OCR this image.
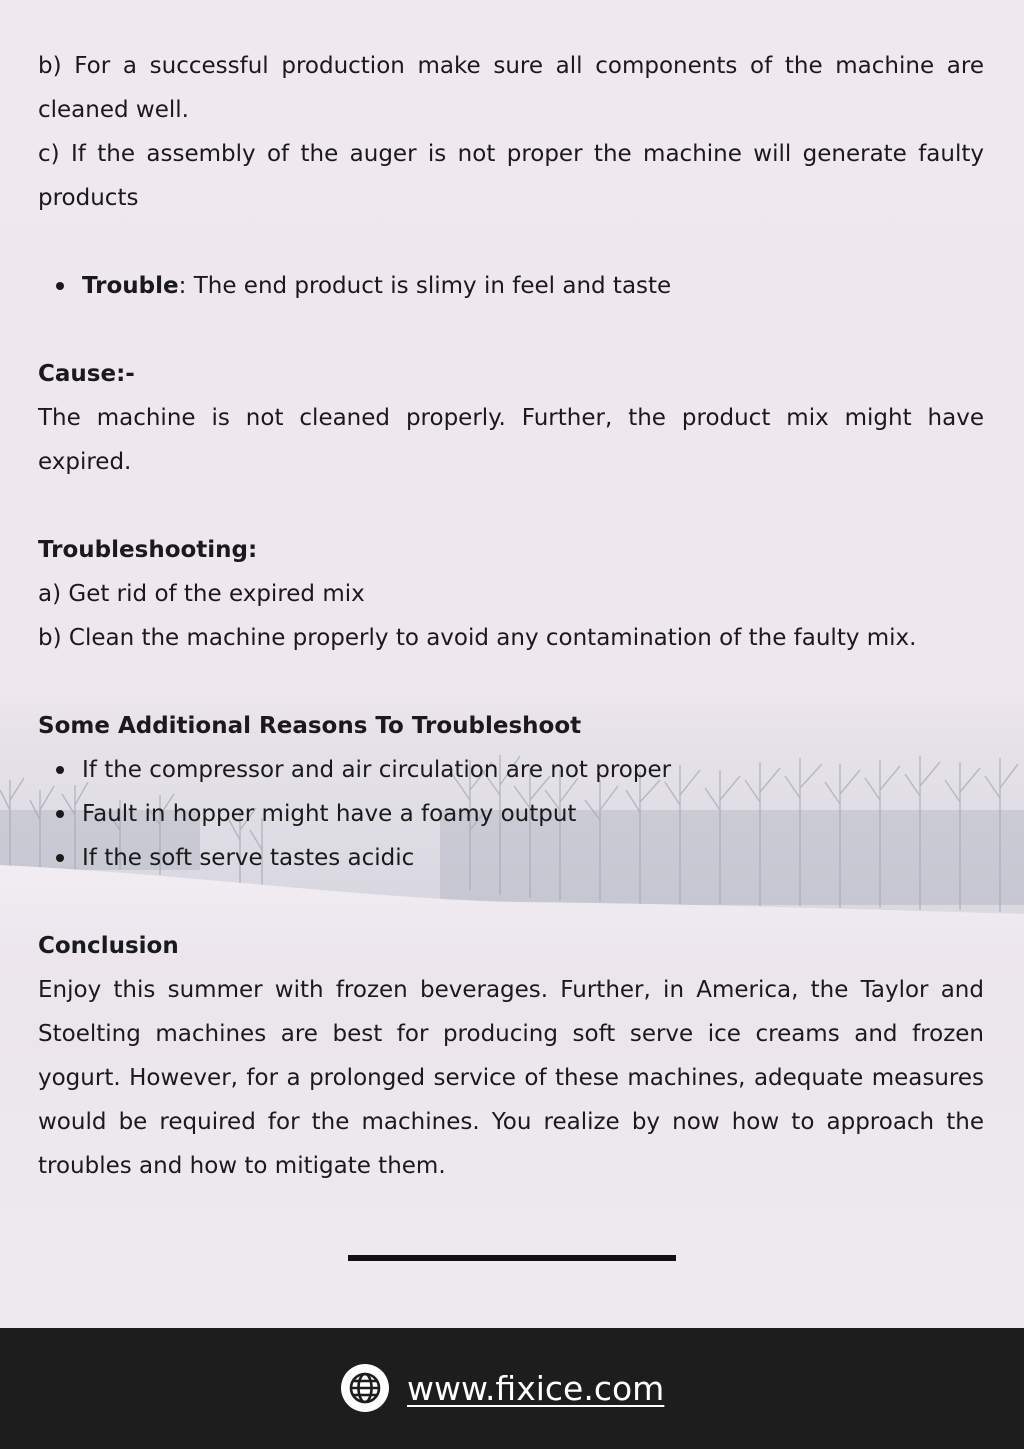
b) For a successful production make sure all components of the machine are cleaned well.

c) If the assembly of the auger is not proper the machine will generate faulty products

Trouble: The end product is slimy in feel and taste

Cause:-

The machine is not cleaned properly. Further, the product mix might have expired.

Troubleshooting:

a) Get rid of the expired mix

b) Clean the machine properly to avoid any contamination of the faulty mix.

Some Additional Reasons To Troubleshoot

If the compressor and air circulation are not proper
Fault in hopper might have a foamy output
If the soft serve tastes acidic

Conclusion

Enjoy this summer with frozen beverages. Further, in America, the Taylor and Stoelting machines are best for producing soft serve ice creams and frozen yogurt. However, for a prolonged service of these machines, adequate measures would be required for the machines. You realize by now how to approach the troubles and how to mitigate them.

www.fixice.com
